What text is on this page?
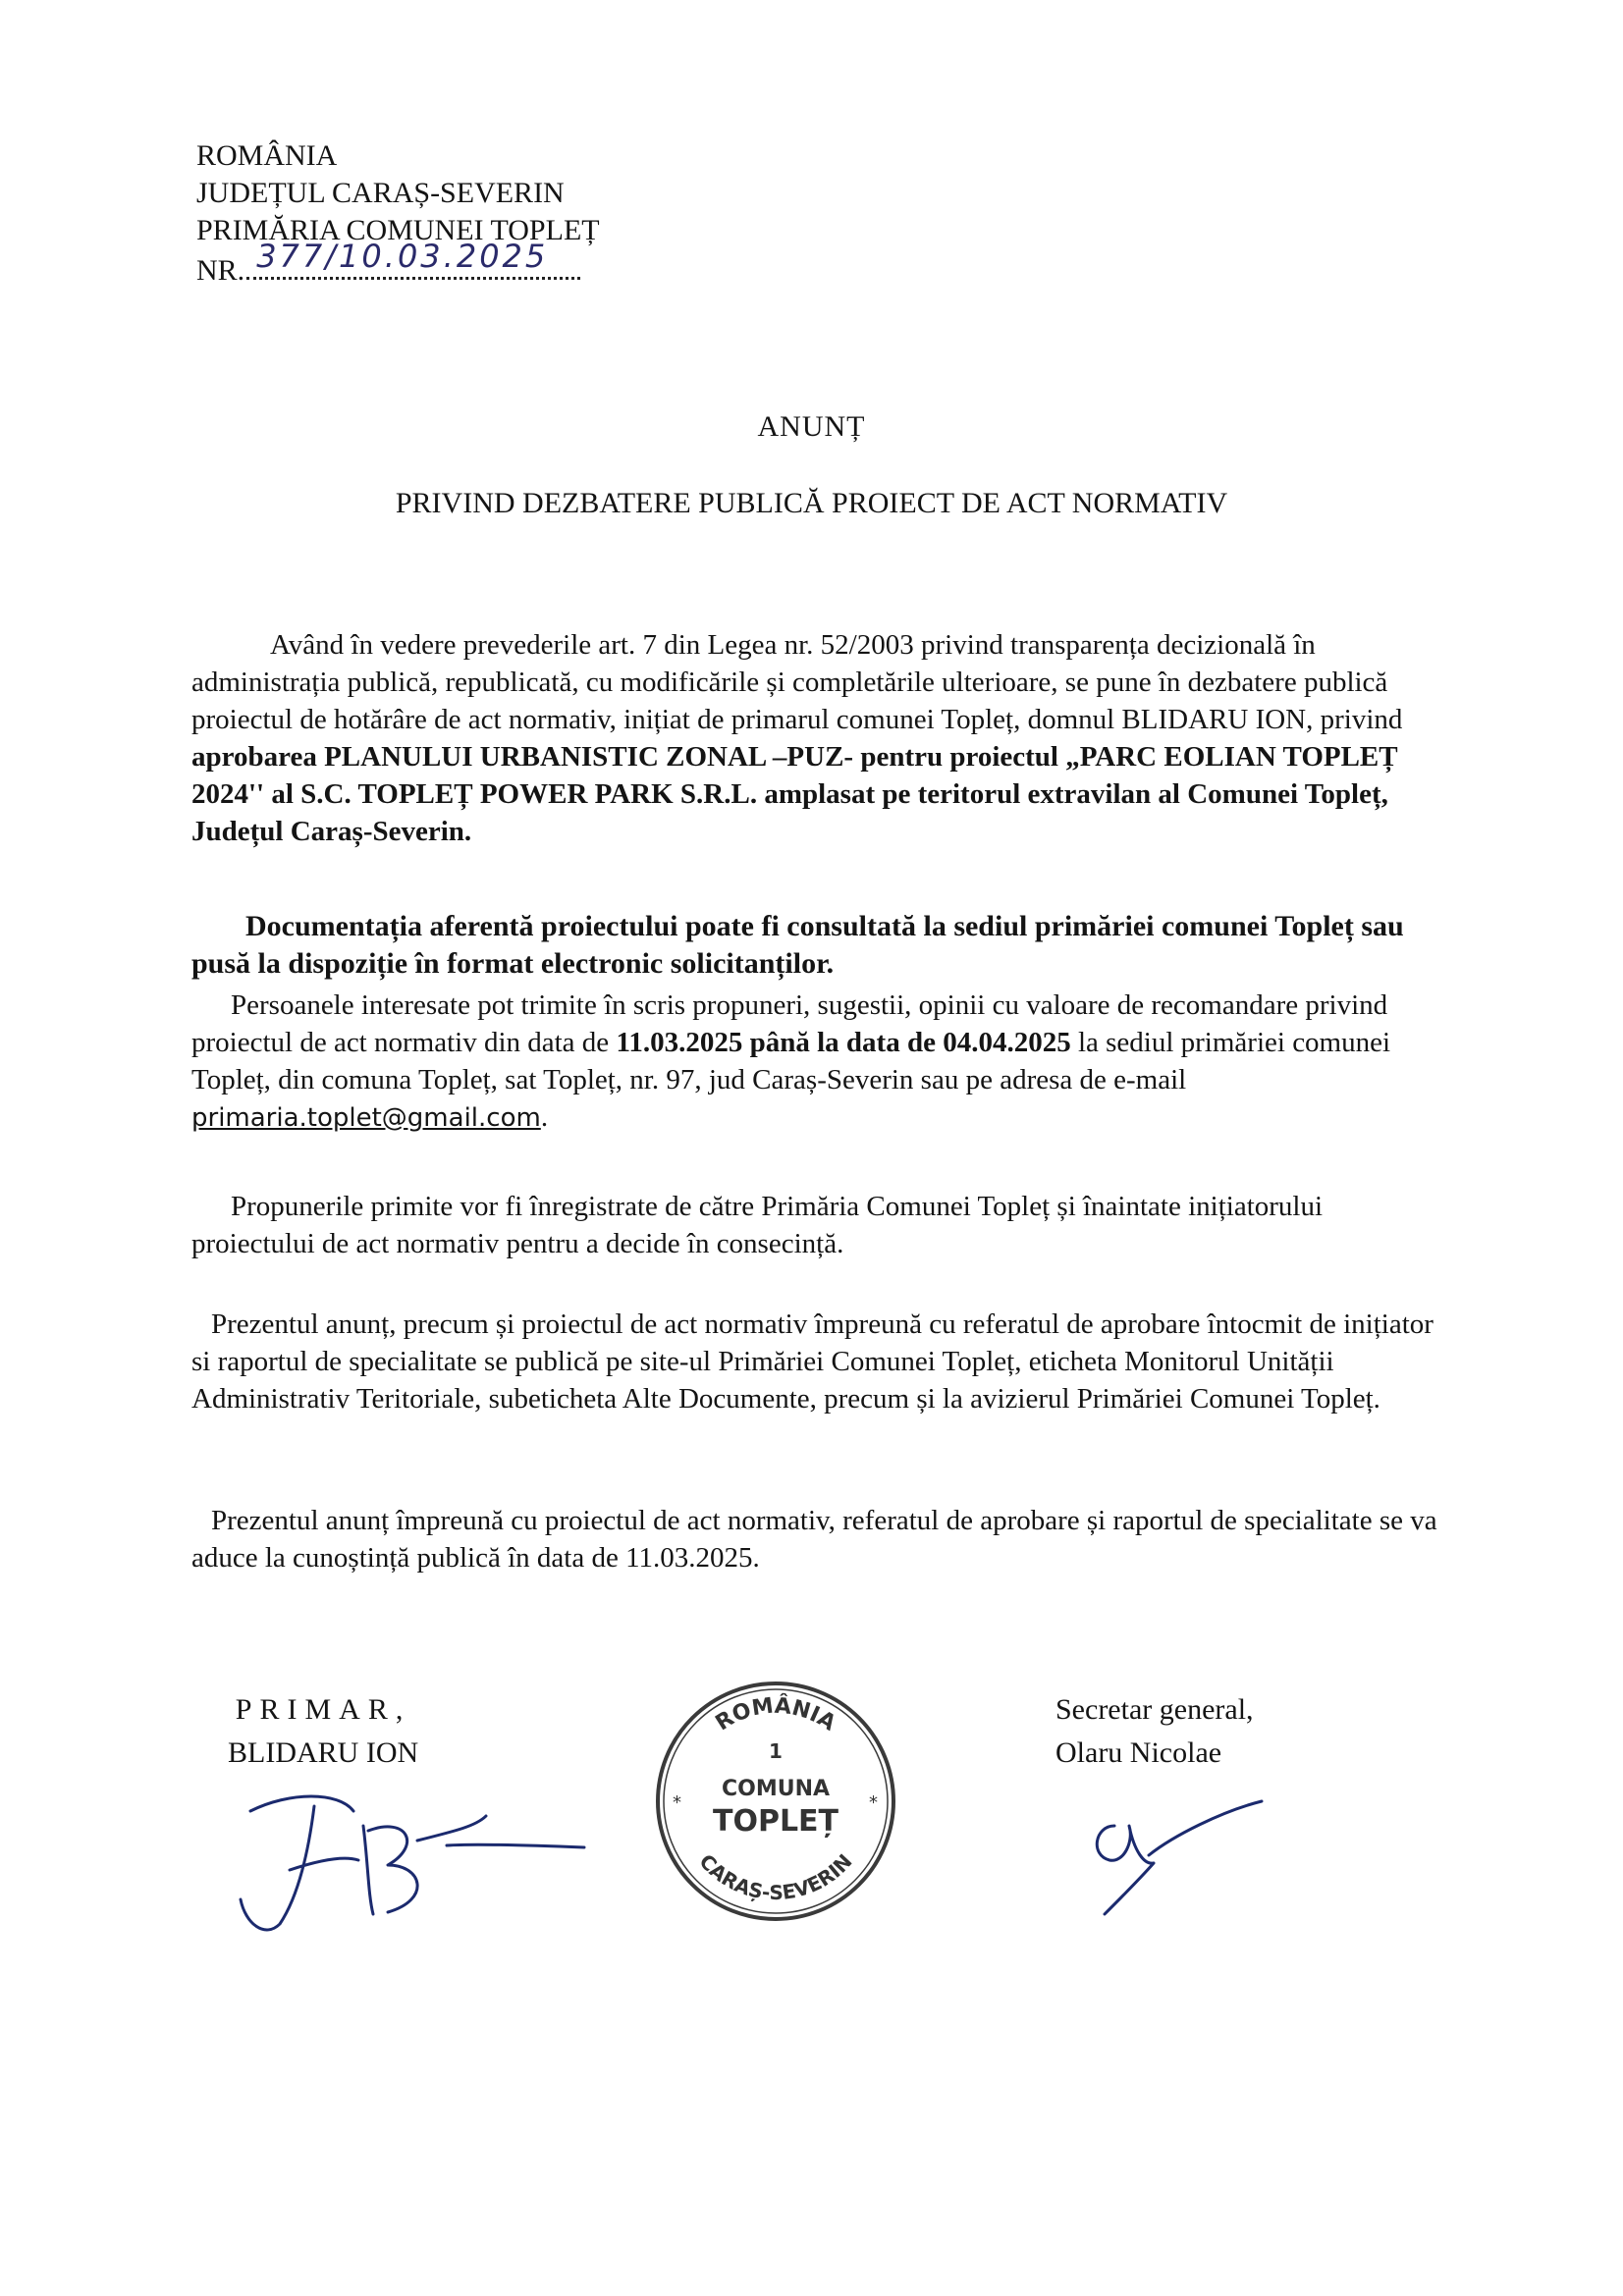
ROMÂNIA
JUDEȚUL CARAȘ-SEVERIN
PRIMĂRIA COMUNEI TOPLEȚ
NR. 377/10.03.2025
ANUNȚ
PRIVIND DEZBATERE PUBLICĂ PROIECT DE ACT NORMATIV

Având în vedere prevederile art. 7 din Legea nr. 52/2003 privind transparența decizională în administrația publică, republicată, cu modificările și completările ulterioare, se pune în dezbatere publică proiectul de hotărâre de act normativ, inițiat de primarul comunei Topleț, domnul BLIDARU ION, privind aprobarea PLANULUI URBANISTIC ZONAL –PUZ- pentru proiectul „PARC EOLIAN TOPLEȚ 2024'' al S.C. TOPLEȚ POWER PARK S.R.L. amplasat pe teritorul extravilan al Comunei Topleț, Județul Caraș-Severin.

Documentația aferentă proiectului poate fi consultată la sediul primăriei comunei Topleț sau pusă la dispoziție în format electronic solicitanților.

Persoanele interesate pot trimite în scris propuneri, sugestii, opinii cu valoare de recomandare privind proiectul de act normativ din data de 11.03.2025 până la data de 04.04.2025 la sediul primăriei comunei Topleț, din comuna Topleț, sat Topleț, nr. 97, jud Caraș-Severin sau pe adresa de e-mail primaria.toplet@gmail.com.

Propunerile primite vor fi înregistrate de către Primăria Comunei Topleț și înaintate inițiatorului proiectului de act normativ pentru a decide în consecință.

Prezentul anunț, precum și proiectul de act normativ împreună cu referatul de aprobare întocmit de inițiator si raportul de specialitate se publică pe site-ul Primăriei Comunei Topleț, eticheta Monitorul Unității Administrativ Teritoriale, subeticheta Alte Documente, precum și la avizierul Primăriei Comunei Topleț.

Prezentul anunț împreună cu proiectul de act normativ, referatul de aprobare și raportul de specialitate se va aduce la cunoștință publică în data de 11.03.2025.

PRIMAR,
BLIDARU ION
ROMÂNIA
CARAȘ-SEVERIN
*	*
1
COMUNA
TOPLEȚ
Secretar general,
Olaru Nicolae
